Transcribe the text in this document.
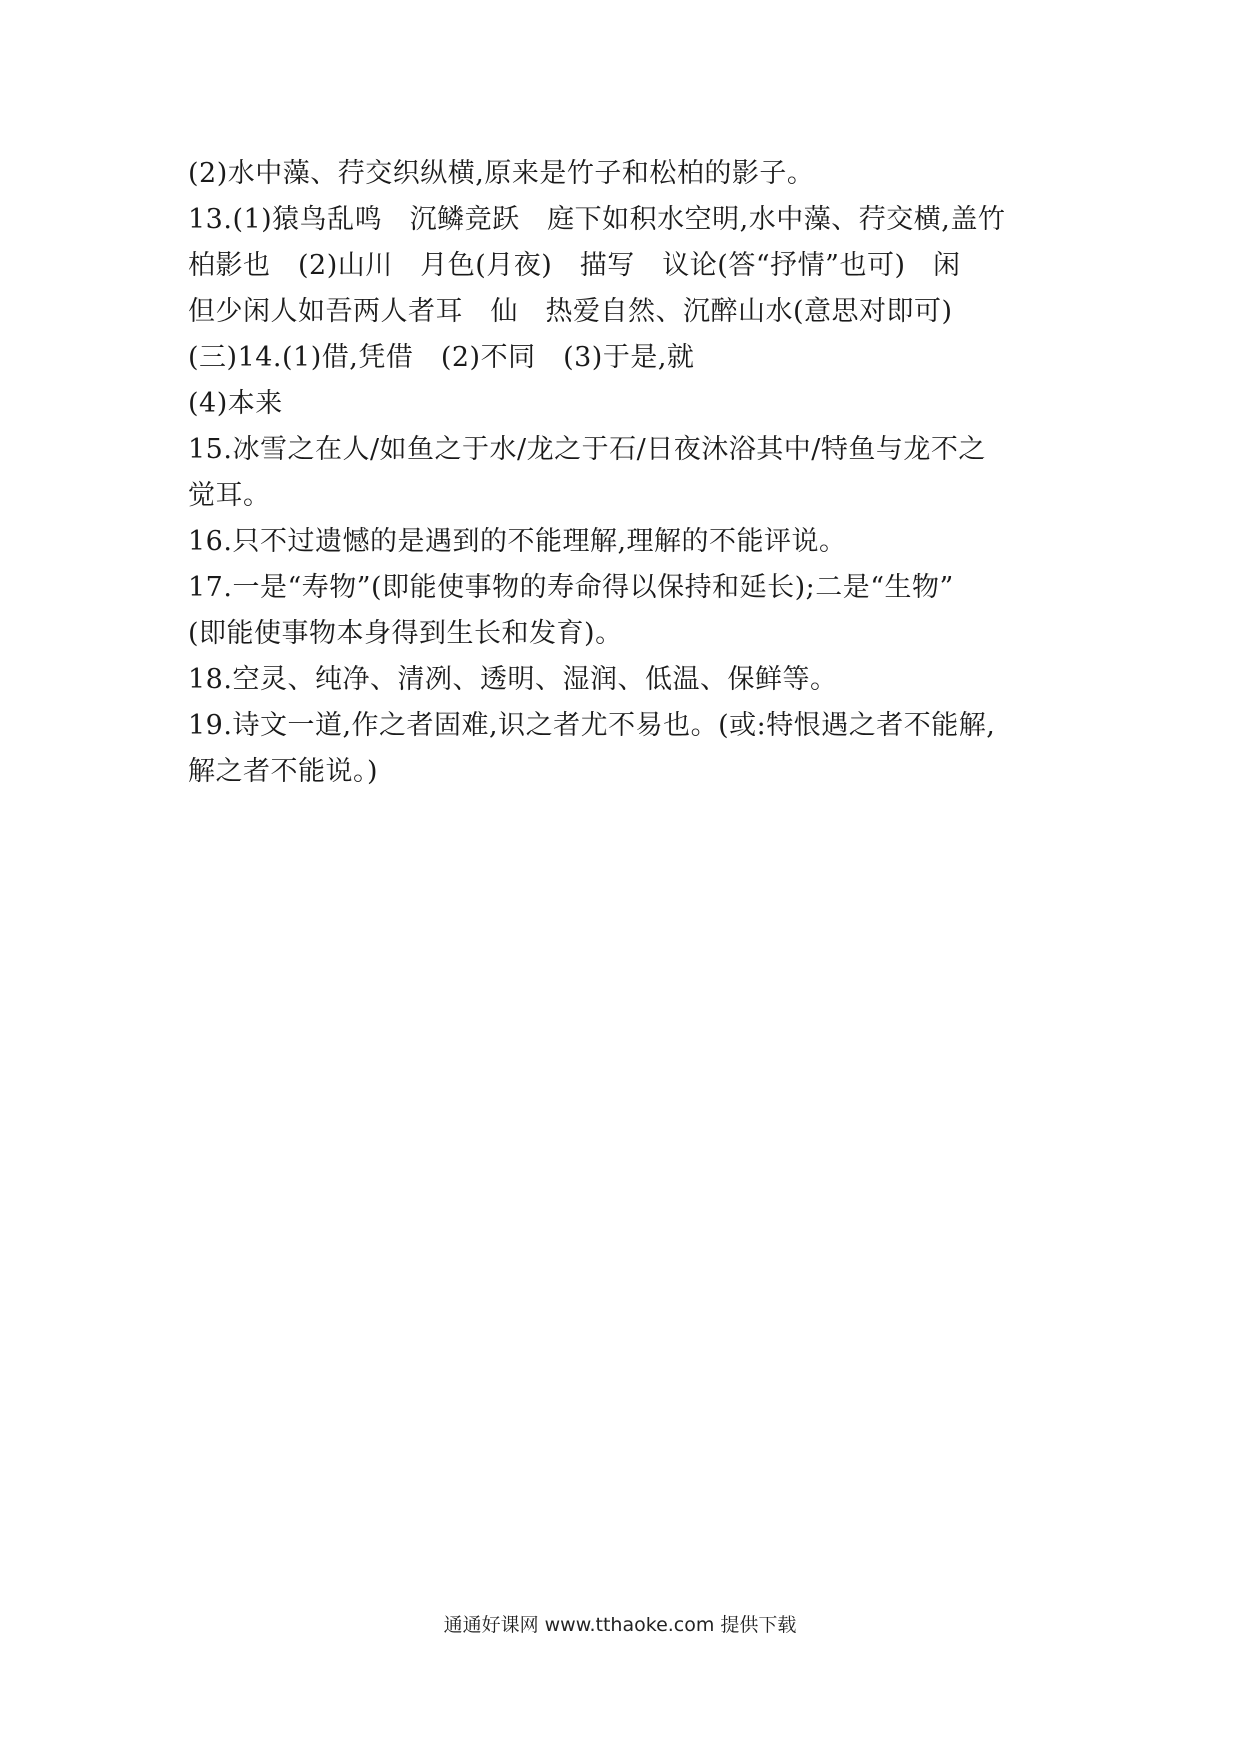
(2)水中藻、荇交织纵横,原来是竹子和松柏的影子。
13.(1)猿鸟乱鸣　沉鳞竞跃　庭下如积水空明,水中藻、荇交横,盖竹
柏影也　(2)山川　月色(月夜)　描写　议论(答“抒情”也可)　闲
但少闲人如吾两人者耳　仙　热爱自然、沉醉山水(意思对即可)
(三)14.(1)借,凭借　(2)不同　(3)于是,就
(4)本来
15.冰雪之在人/如鱼之于水/龙之于石/日夜沐浴其中/特鱼与龙不之
觉耳。
16.只不过遗憾的是遇到的不能理解,理解的不能评说。
17.一是“寿物”(即能使事物的寿命得以保持和延长);二是“生物”
(即能使事物本身得到生长和发育)。
18.空灵、纯净、清冽、透明、湿润、低温、保鲜等。
19.诗文一道,作之者固难,识之者尤不易也。(或:特恨遇之者不能解,
解之者不能说。)
通通好课网 www.tthaoke.com 提供下载
